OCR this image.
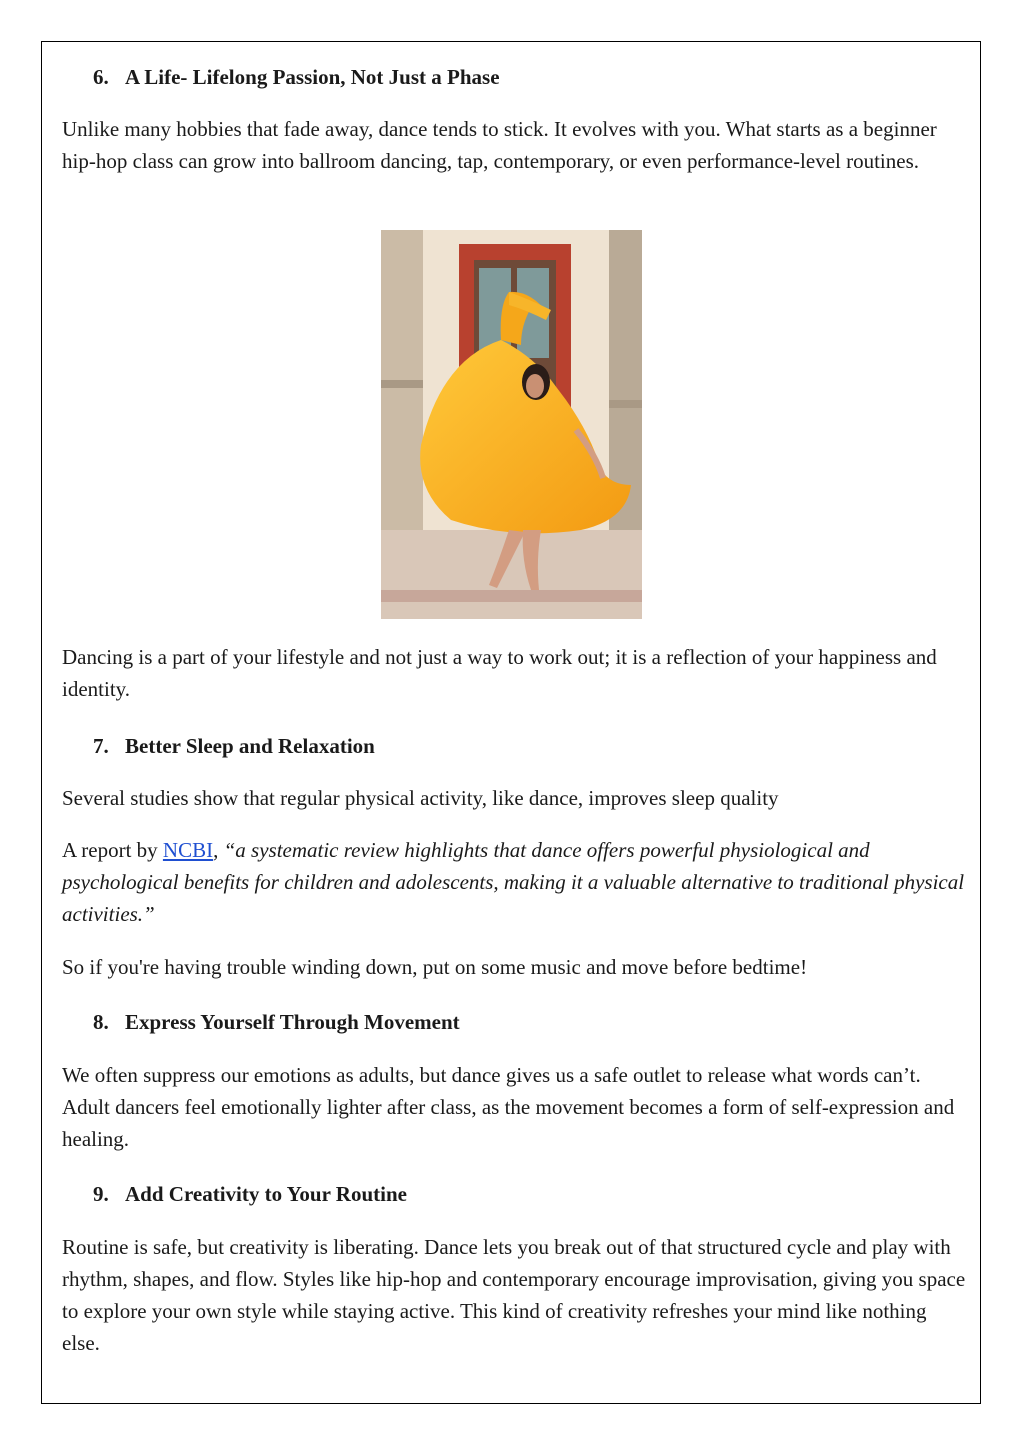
6. A Life- Lifelong Passion, Not Just a Phase

Unlike many hobbies that fade away, dance tends to stick. It evolves with you. What starts as a beginner hip-hop class can grow into ballroom dancing, tap, contemporary, or even performance-level routines.

Dancing is a part of your lifestyle and not just a way to work out; it is a reflection of your happiness and identity.

7. Better Sleep and Relaxation

Several studies show that regular physical activity, like dance, improves sleep quality

A report by NCBI, “a systematic review highlights that dance offers powerful physiological and psychological benefits for children and adolescents, making it a valuable alternative to traditional physical activities.”

So if you're having trouble winding down, put on some music and move before bedtime!

8. Express Yourself Through Movement

We often suppress our emotions as adults, but dance gives us a safe outlet to release what words can’t. Adult dancers feel emotionally lighter after class, as the movement becomes a form of self-expression and healing.

9. Add Creativity to Your Routine

Routine is safe, but creativity is liberating. Dance lets you break out of that structured cycle and play with rhythm, shapes, and flow. Styles like hip-hop and contemporary encourage improvisation, giving you space to explore your own style while staying active. This kind of creativity refreshes your mind like nothing else.
